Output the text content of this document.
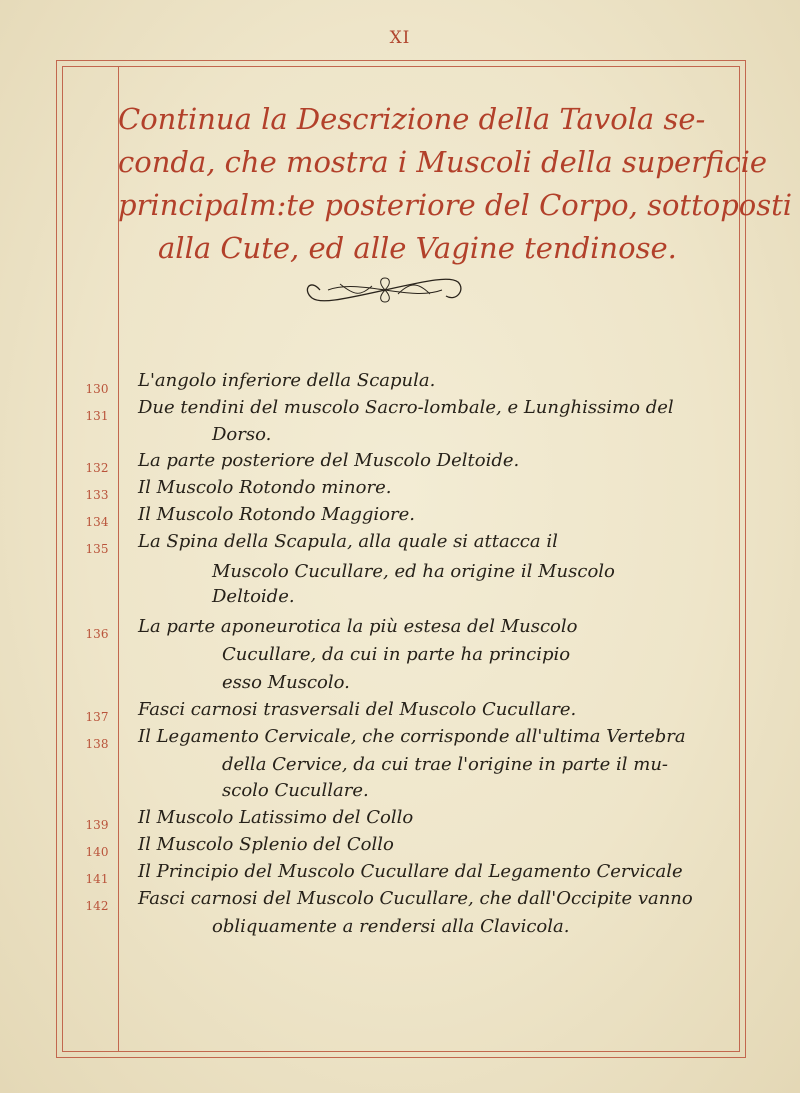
XI
Continua la Descrizione della Tavola se-
conda, che mostra i Muscoli della superficie
principalm:te posteriore del Corpo, sottoposti
alla Cute, ed alle Vagine tendinose.
130	L'angolo inferiore della Scapula.
131	Due tendini del muscolo Sacro-lombale, e Lunghissimo del
Dorso.
132	La parte posteriore del Muscolo Deltoide.
133	Il Muscolo Rotondo minore.
134	Il Muscolo Rotondo Maggiore.
135	La Spina della Scapula, alla quale si attacca il
Muscolo Cucullare, ed ha origine il Muscolo
Deltoide.
136	La parte aponeurotica la più estesa del Muscolo
Cucullare, da cui in parte ha principio
esso Muscolo.
137	Fasci carnosi trasversali del Muscolo Cucullare.
138	Il Legamento Cervicale, che corrisponde all'ultima Vertebra
della Cervice, da cui trae l'origine in parte il mu-
scolo Cucullare.
139	Il Muscolo Latissimo del Collo
140	Il Muscolo Splenio del Collo
141	Il Principio del Muscolo Cucullare dal Legamento Cervicale
142	Fasci carnosi del Muscolo Cucullare, che dall'Occipite vanno
obliquamente a rendersi alla Clavicola.
